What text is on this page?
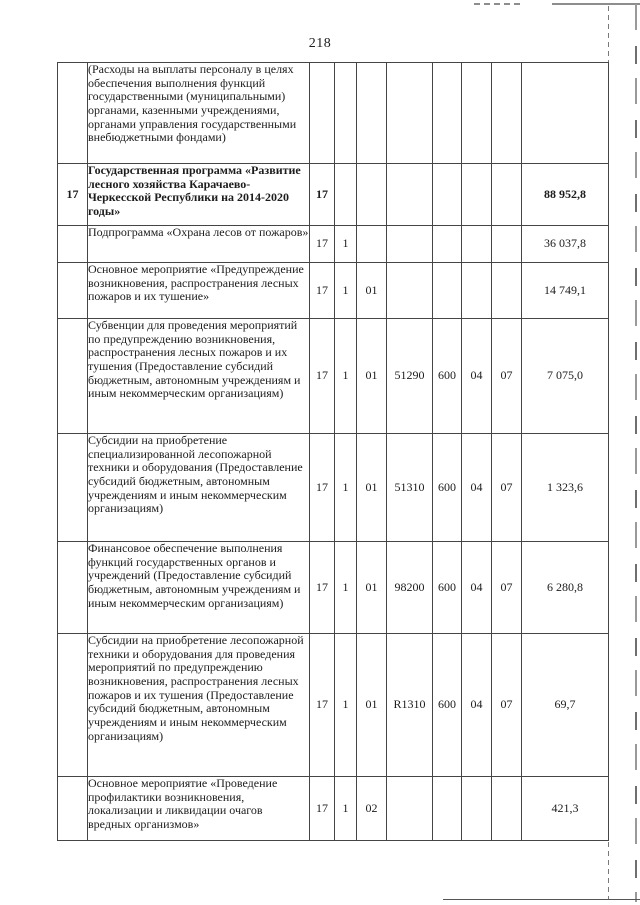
218
	(Расходы на выплаты персоналу в целях обеспечения выполнения функций государственными (муниципальными) органами, казенными учреждениями, органами управления государственными внебюджетными фондами)								
17	Государственная программа «Развитие лесного хозяйства Карачаево-Черкесской Республики на 2014-2020 годы»	17							88 952,8
	Подпрограмма «Охрана лесов от пожаров»	17	1						36 037,8
	Основное мероприятие «Предупреждение возникновения, распространения лесных пожаров и их тушение»	17	1	01					14 749,1
	Субвенции для проведения мероприятий по предупреждению возникновения, распространения лесных пожаров и их тушения (Предоставление субсидий бюджетным, автономным учреждениям и иным некоммерческим организациям)	17	1	01	51290	600	04	07	7 075,0
	Субсидии на приобретение специализированной лесопожарной техники и оборудования (Предоставление субсидий бюджетным, автономным учреждениям и иным некоммерческим организациям)	17	1	01	51310	600	04	07	1 323,6
	Финансовое обеспечение выполнения функций государственных органов и учреждений (Предоставление субсидий бюджетным, автономным учреждениям и иным некоммерческим организациям)	17	1	01	98200	600	04	07	6 280,8
	Субсидии на приобретение лесопожарной техники и оборудования для проведения мероприятий по предупреждению возникновения, распространения лесных пожаров и их тушения (Предоставление субсидий бюджетным, автономным учреждениям и иным некоммерческим организациям)	17	1	01	R1310	600	04	07	69,7
	Основное мероприятие «Проведение профилактики возникновения, локализации и ликвидации очагов вредных организмов»	17	1	02					421,3
